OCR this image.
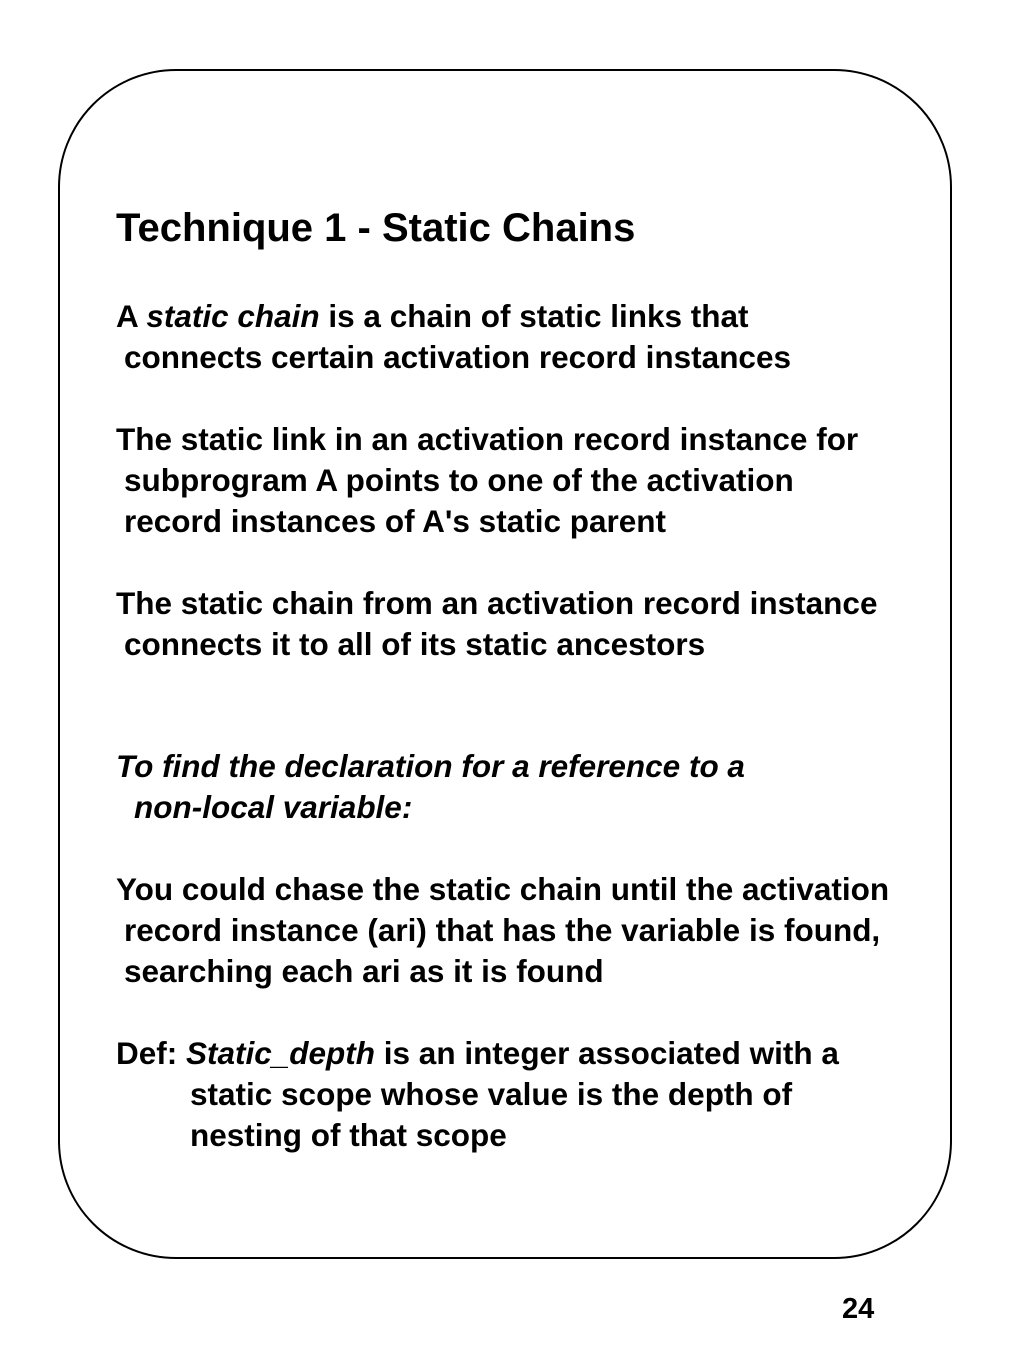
Technique 1 - Static Chains
A static chain is a chain of static links that
connects certain activation record instances
The static link in an activation record instance for
subprogram A points to one of the activation
record instances of A's static parent
The static chain from an activation record instance
connects it to all of its static ancestors
To find the declaration for a reference to a
non-local variable:
You could chase the static chain until the activation
record instance (ari) that has the variable is found,
searching each ari as it is found
Def: Static_depth is an integer associated with a
static scope whose value is the depth of
nesting of that scope
24
